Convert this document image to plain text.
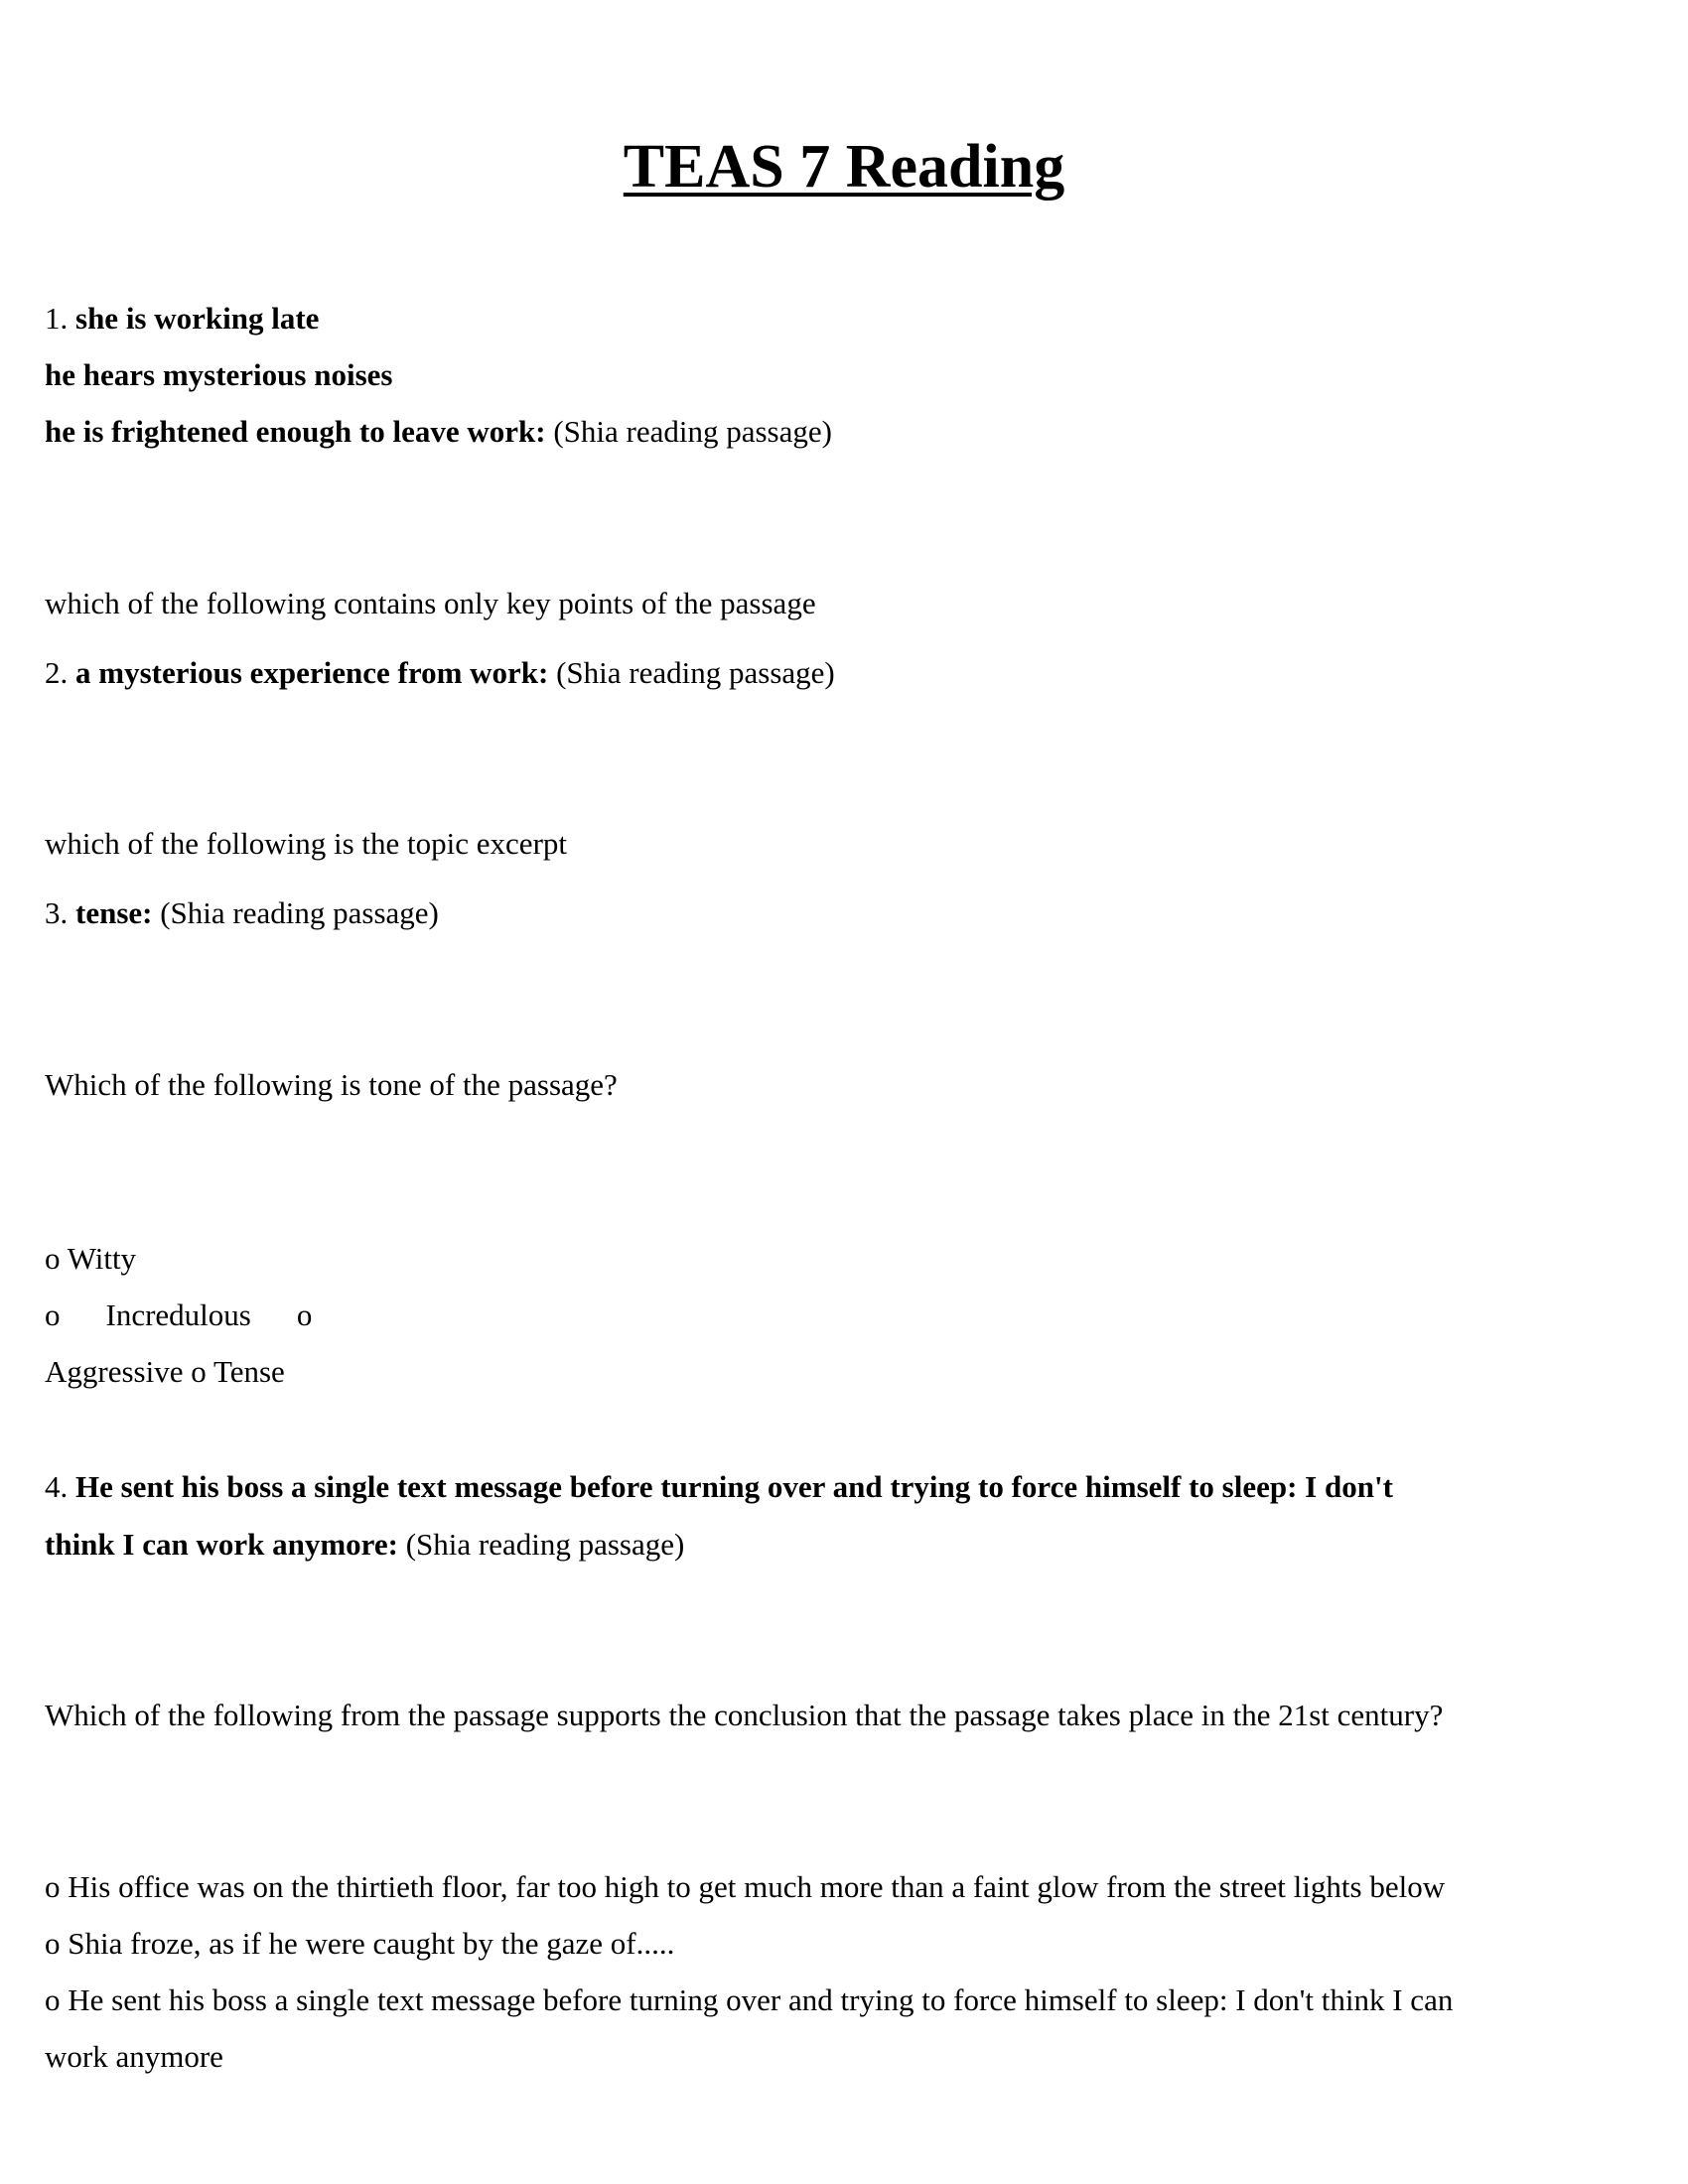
TEAS 7 Reading
1. she is working late
he hears mysterious noises
he is frightened enough to leave work: (Shia reading passage)
which of the following contains only key points of the passage
2. a mysterious experience from work: (Shia reading passage)
which of the following is the topic excerpt
3. tense: (Shia reading passage)
Which of the following is tone of the passage?
o Witty
o Incredulous o
Aggressive o Tense
4. He sent his boss a single text message before turning over and trying to force himself to sleep: I don't
think I can work anymore: (Shia reading passage)
Which of the following from the passage supports the conclusion that the passage takes place in the 21st century?
o His office was on the thirtieth floor, far too high to get much more than a faint glow from the street lights below
o Shia froze, as if he were caught by the gaze of.....
o He sent his boss a single text message before turning over and trying to force himself to sleep: I don't think I can
work anymore
